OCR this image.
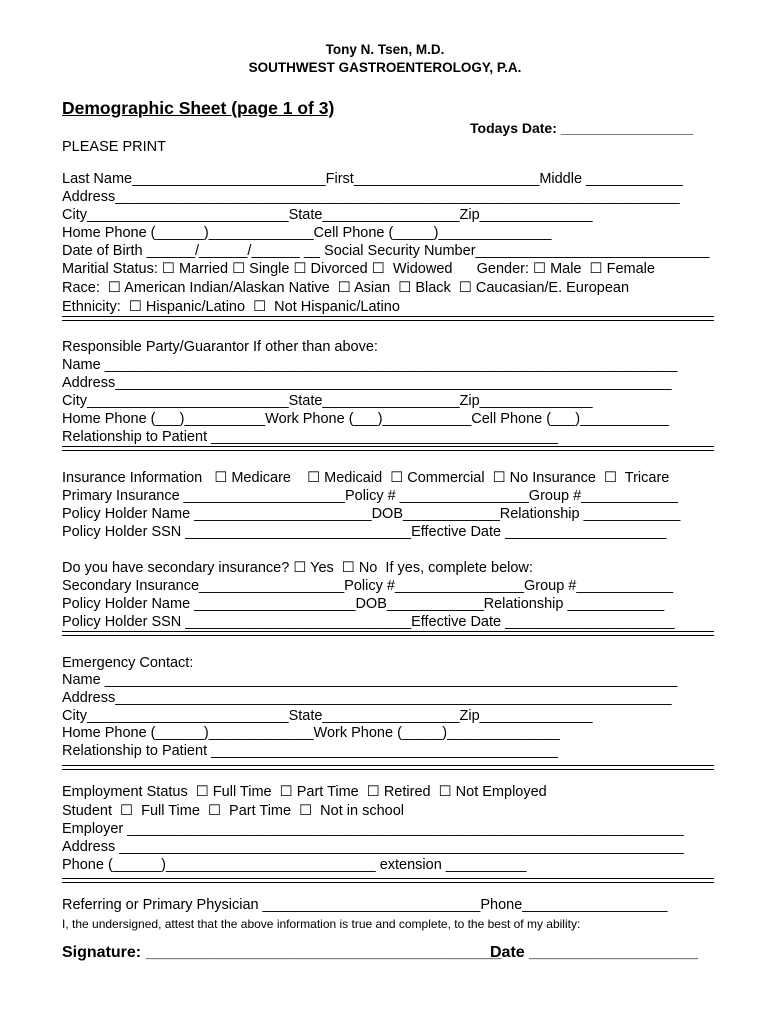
Tony N. Tsen, M.D.
SOUTHWEST GASTROENTEROLOGY, P.A.
Demographic Sheet (page 1 of 3)
Todays Date: _________________
PLEASE PRINT
Last Name________________________First_______________________Middle ____________
Address______________________________________________________________________
City_________________________State_________________Zip______________
Home Phone (______)_____________Cell Phone (_____)______________
Date of Birth ______/______/______ __ Social Security Number_____________________________
Maritial Status: ☐ Married ☐ Single ☐ Divorced ☐  Widowed      Gender: ☐ Male  ☐ Female
Race:  ☐ American Indian/Alaskan Native  ☐ Asian  ☐ Black  ☐ Caucasian/E. European
Ethnicity:  ☐ Hispanic/Latino  ☐  Not Hispanic/Latino
Responsible Party/Guarantor If other than above:
Name _______________________________________________________________________
Address_____________________________________________________________________
City_________________________State_________________Zip______________
Home Phone (___)__________Work Phone (___)___________Cell Phone (___)___________
Relationship to Patient ___________________________________________
Insurance Information   ☐ Medicare    ☐ Medicaid  ☐ Commercial  ☐ No Insurance  ☐  Tricare
Primary Insurance ____________________Policy # ________________Group #____________
Policy Holder Name ______________________DOB____________Relationship ____________
Policy Holder SSN ____________________________Effective Date ____________________
Do you have secondary insurance? ☐ Yes  ☐ No  If yes, complete below:
Secondary Insurance__________________Policy #________________Group #____________
Policy Holder Name ____________________DOB____________Relationship ____________
Policy Holder SSN ____________________________Effective Date _____________________
Emergency Contact:
Name _______________________________________________________________________
Address_____________________________________________________________________
City_________________________State_________________Zip______________
Home Phone (______)_____________Work Phone (_____)______________
Relationship to Patient ___________________________________________
Employment Status  ☐ Full Time  ☐ Part Time  ☐ Retired  ☐ Not Employed
Student  ☐  Full Time  ☐  Part Time  ☐  Not in school
Employer _____________________________________________________________________
Address ______________________________________________________________________
Phone (______)__________________________ extension __________
Referring or Primary Physician ___________________________Phone__________________
I, the undersigned, attest that the above information is true and complete, to the best of my ability:
Signature: ________________________________________
Date ___________________
